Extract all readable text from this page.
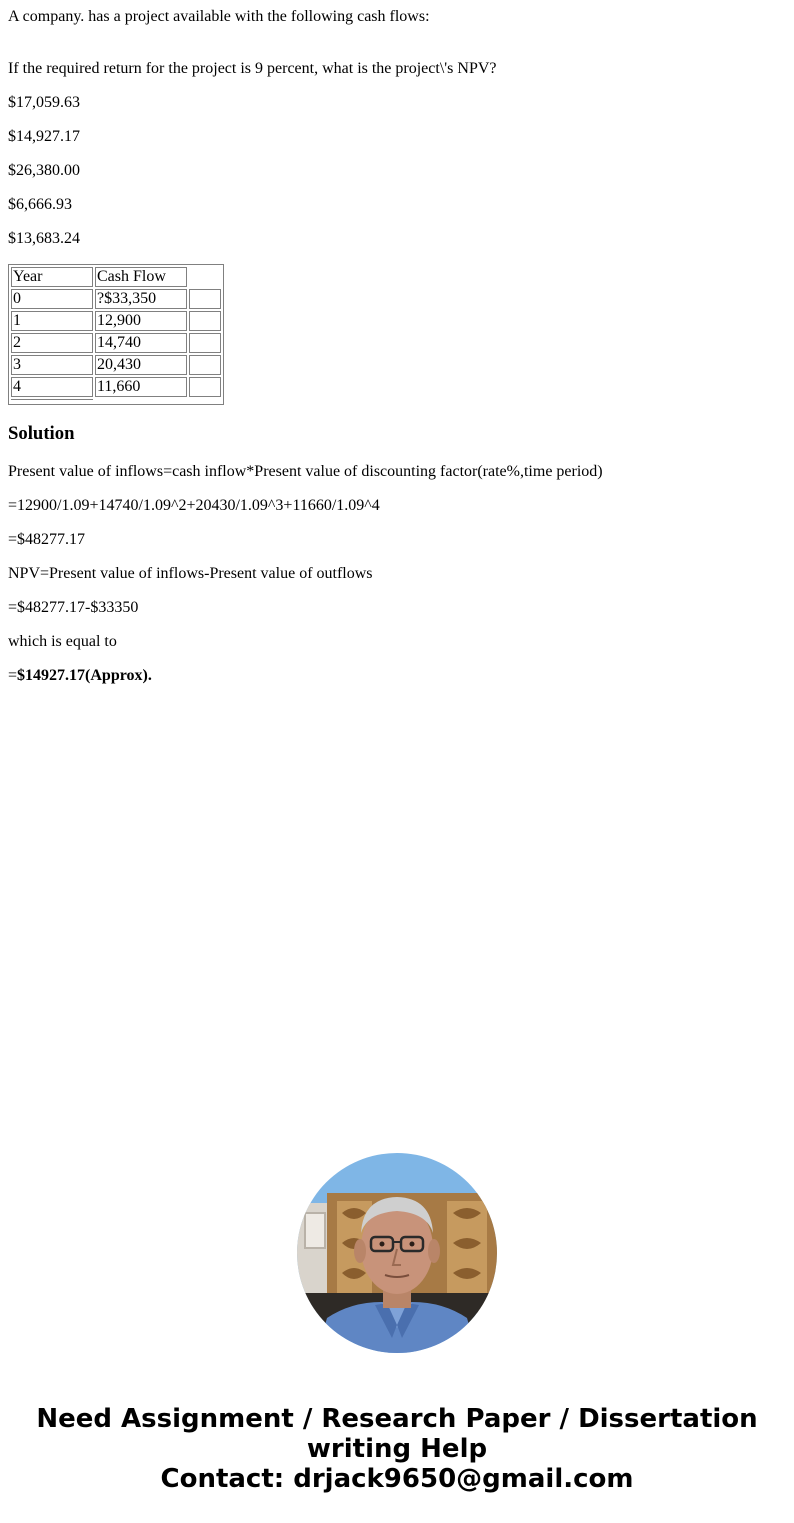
A company. has a project available with the following cash flows:

If the required return for the project is 9 percent, what is the project\'s NPV?

$17,059.63

$14,927.17

$26,380.00

$6,666.93

$13,683.24

Year	Cash Flow	
0	?$33,350	
1	12,900	
2	14,740	
3	20,430	
4	11,660	

Solution

Present value of inflows=cash inflow*Present value of discounting factor(rate%,time period)

=12900/1.09+14740/1.09^2+20430/1.09^3+11660/1.09^4

=$48277.17

NPV=Present value of inflows-Present value of outflows

=$48277.17-$33350

which is equal to

=$14927.17(Approx).

Need Assignment / Research Paper / Dissertation
writing Help
Contact: drjack9650@gmail.com
